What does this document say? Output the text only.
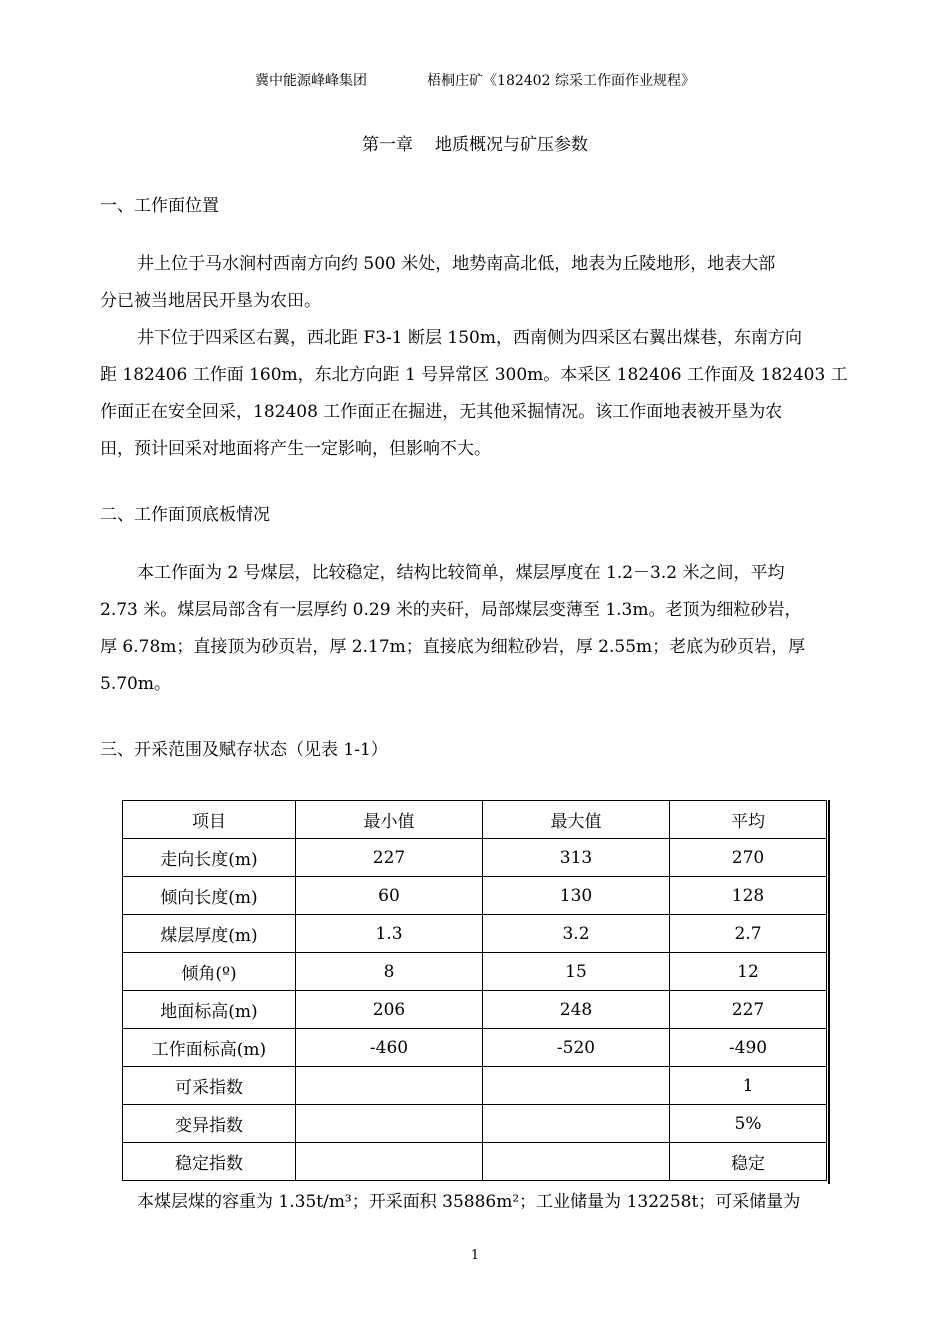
冀中能源峰峰集团	梧桐庄矿《182402 综采工作面作业规程》
第一章 地质概况与矿压参数
一、工作面位置
井上位于马水涧村西南方向约 500 米处，地势南高北低，地表为丘陵地形，地表大部
分已被当地居民开垦为农田。
井下位于四采区右翼，西北距 F3-1 断层 150m，西南侧为四采区右翼出煤巷，东南方向
距 182406 工作面 160m，东北方向距 1 号异常区 300m。本采区 182406 工作面及 182403 工
作面正在安全回采，182408 工作面正在掘进，无其他采掘情况。该工作面地表被开垦为农
田，预计回采对地面将产生一定影响，但影响不大。
二、工作面顶底板情况
本工作面为 2 号煤层，比较稳定，结构比较简单，煤层厚度在 1.2－3.2 米之间，平均
2.73 米。煤层局部含有一层厚约 0.29 米的夹矸，局部煤层变薄至 1.3m。老顶为细粒砂岩，
厚 6.78m；直接顶为砂页岩，厚 2.17m；直接底为细粒砂岩，厚 2.55m；老底为砂页岩，厚
5.70m。
三、开采范围及赋存状态（见表 1-1）
项目	最小值	最大值	平均
走向长度(m)	227	313	270
倾向长度(m)	60	130	128
煤层厚度(m)	1.3	3.2	2.7
倾角(º)	8	15	12
地面标高(m)	206	248	227
工作面标高(m)	-460	-520	-490
可采指数			1
变异指数			5%
稳定指数			稳定
本煤层煤的容重为 1.35t/m³；开采面积 35886m²；工业储量为 132258t；可采储量为
1
